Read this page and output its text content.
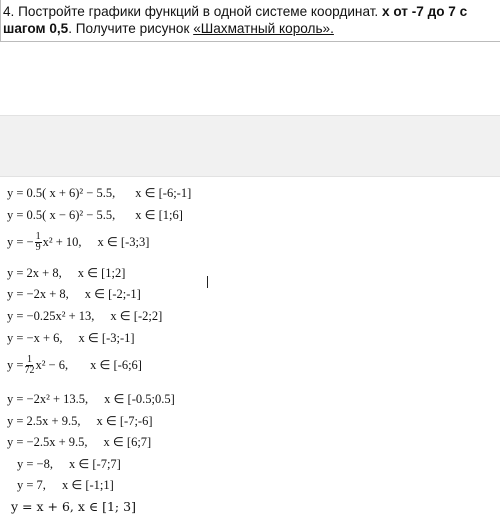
4. Постройте графики функций в одной системе координат. х от -7 до 7 с шагом 0,5. Получите рисунок «Шахматный король».
y = 0.5( x + 6)² − 5.5, x ∈ [-6;-1]
y = 0.5( x − 6)² − 5.5, x ∈ [1;6]
y = − $\frac{1}{9} x^2 + 10$, x ∈ [-3;3]
y = 2x + 8, x ∈ [1;2]
y = −2x + 8, x ∈ [-2;-1]
y = −0.25x² + 13, x ∈ [-2;2]
y = −x + 6, x ∈ [-3;-1]
$y = \frac{1}{72} x^2 - 6$, x ∈ [-6;6]
y = −2x² + 13.5, x ∈ [-0.5;0.5]
y = 2.5x + 9.5, x ∈ [-7;-6]
y = −2.5x + 9.5, x ∈ [6;7]
y = −8, x ∈ [-7;7]
y = 7, x ∈ [-1;1]
y = x + 6, x ∈ [1; 3]
